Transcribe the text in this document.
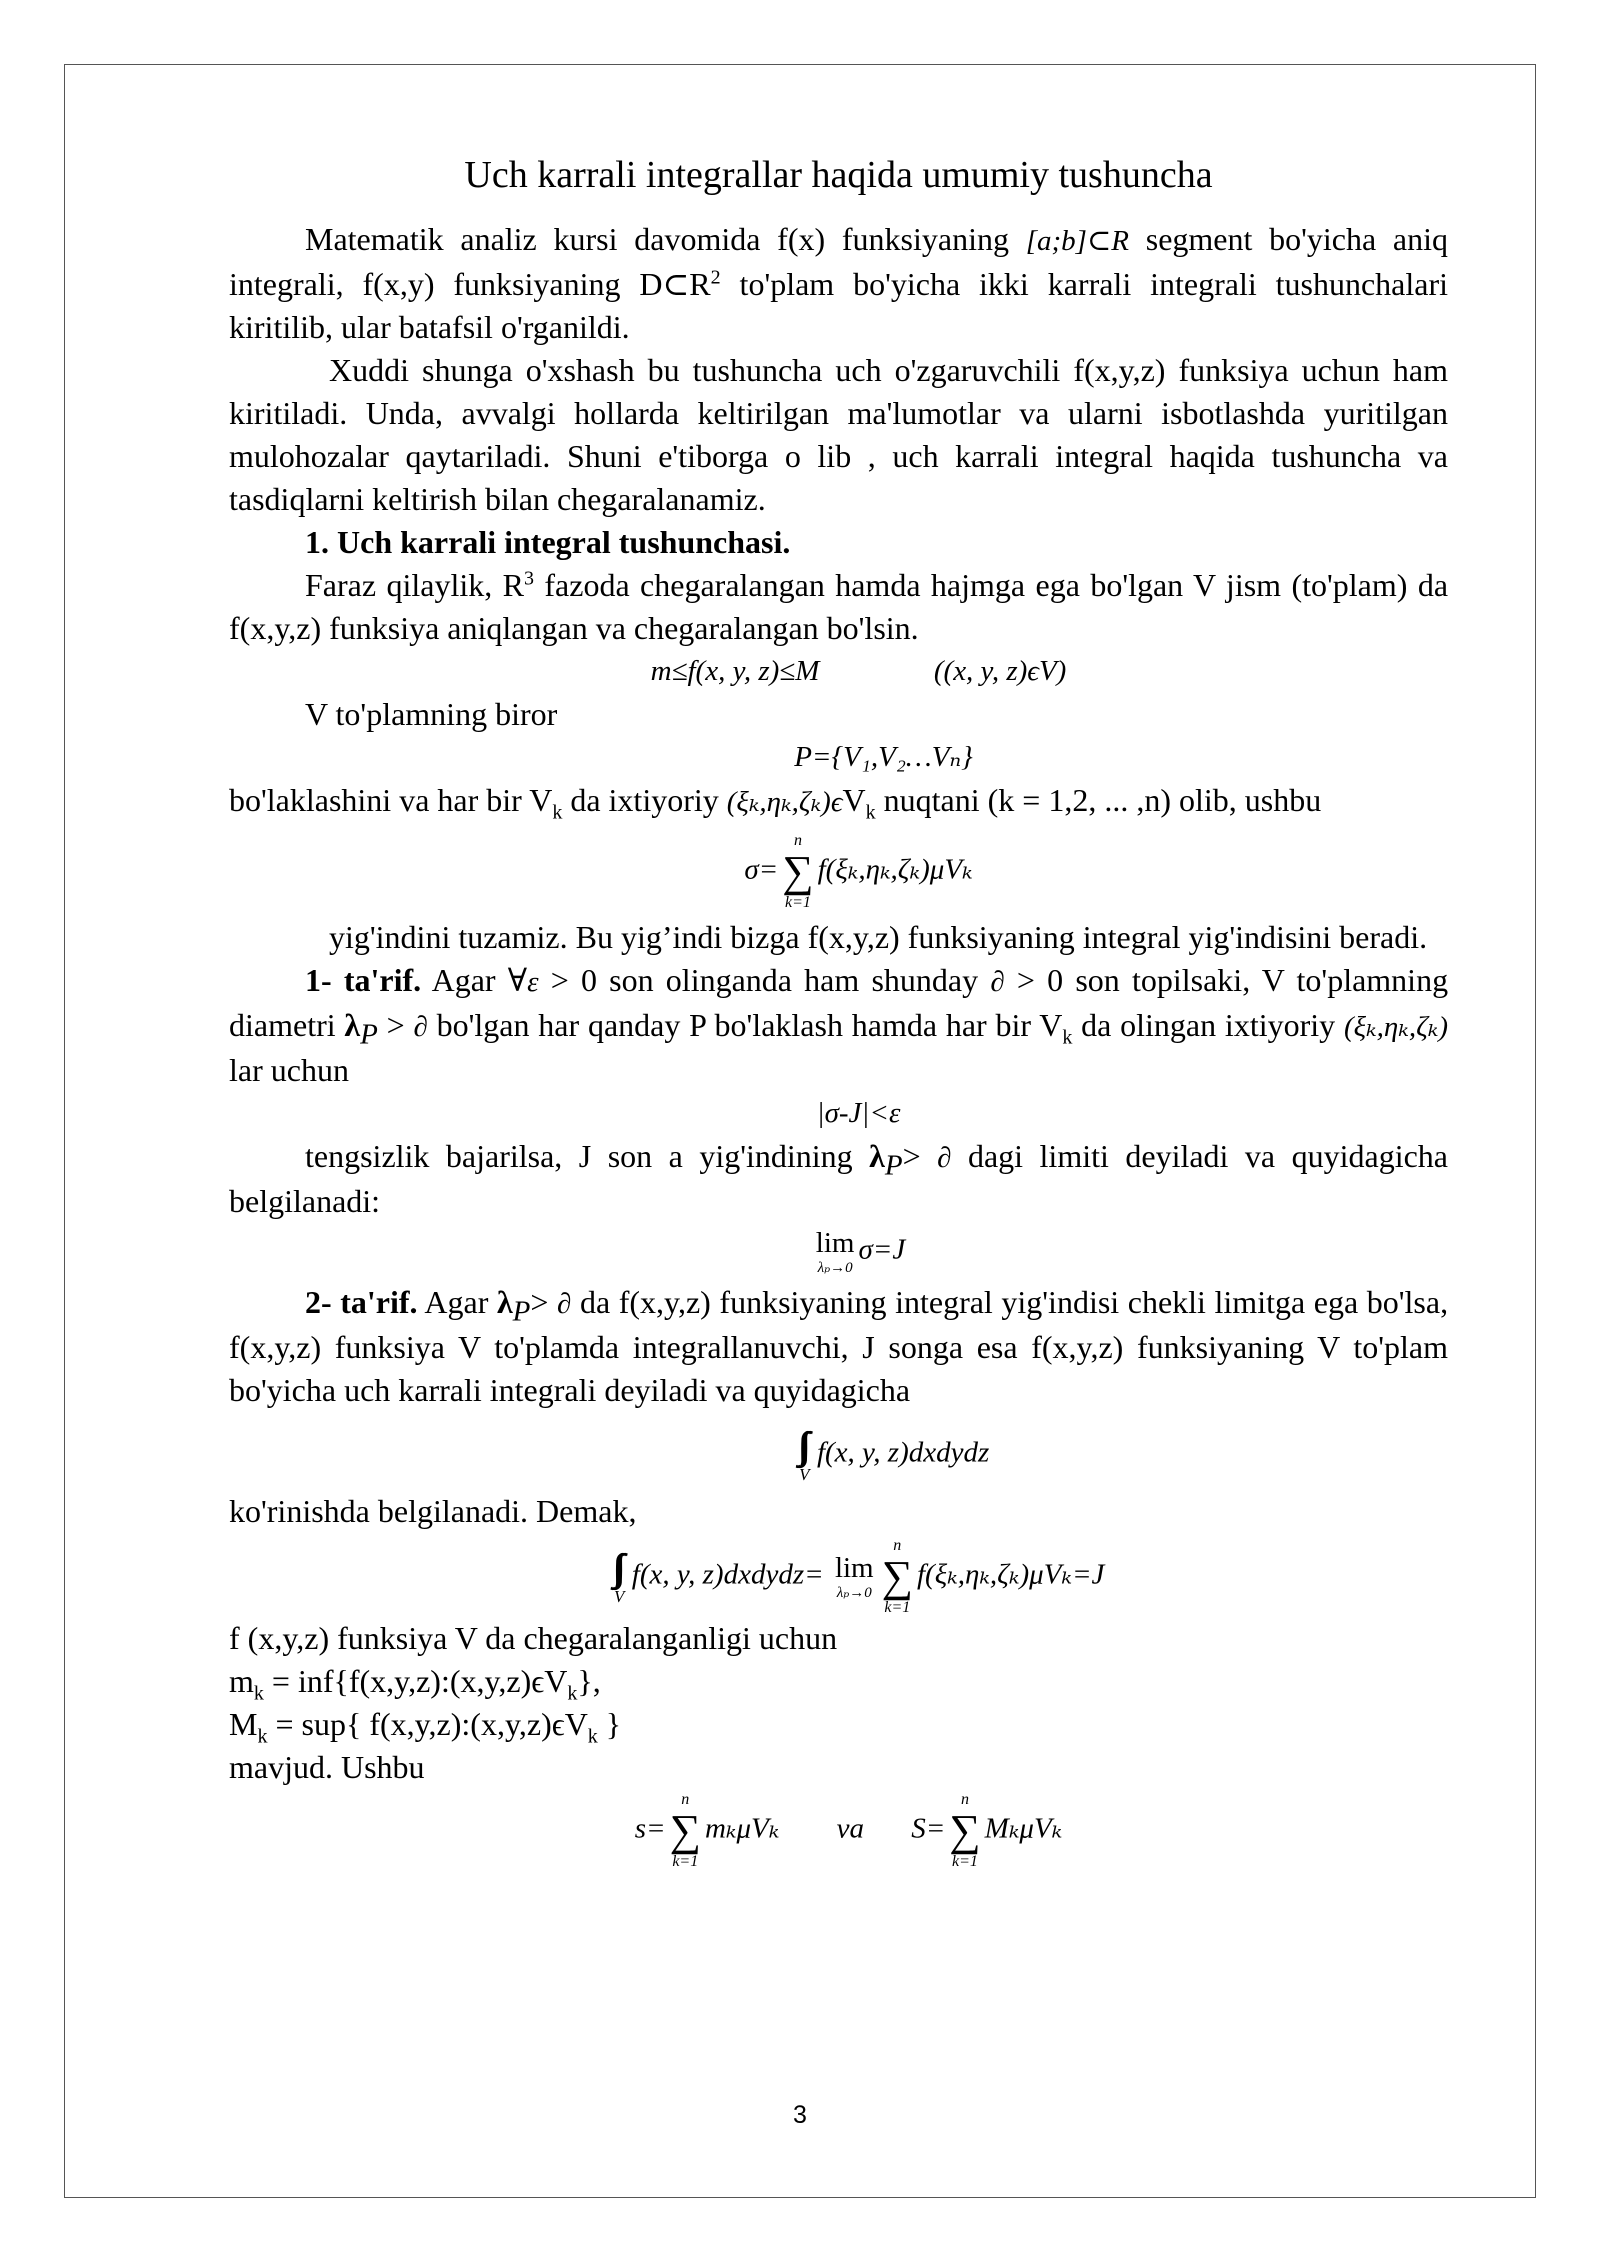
Uch karrali integrallar haqida umumiy tushuncha

Matematik analiz kursi davomida f(x) funksiyaning [a;b]⊂R segment bo'yicha aniq integrali, f(x,y) funksiyaning $D\subset R^2$ to'plam bo'yicha ikki karrali integrali tushunchalari kiritilib, ular batafsil o'rganildi.

Xuddi shunga o'xshash bu tushuncha uch o'zgaruvchili f(x,y,z) funksiya uchun ham kiritiladi. Unda, avvalgi hollarda keltirilgan ma'lumotlar va ularni isbotlashda yuritilgan mulohozalar qaytariladi. Shuni e'tiborga o lib , uch karrali integral haqida tushuncha va tasdiqlarni keltirish bilan chegaralanamiz.

1. Uch karrali integral tushunchasi.

Faraz qilaylik, $R^3$ fazoda chegaralangan hamda hajmga ega bo'lgan V jism (to'plam) da f(x,y,z) funksiya aniqlangan va chegaralangan bo'lsin.

m≤f(x, y, z)≤M	((x, y, z)ϵV)

V to'plamning biror

P={V₁,V₂…Vₙ}

bo'laklashini va har bir $V_k$ da ixtiyoriy $(\xi_k,\eta_k,\zeta_k)\epsilon V_k$ nuqtani (k = 1,2, ... ,n) olib, ushbu

σ=
n
∑
k=1
f(ξₖ,ηₖ,ζₖ)μVₖ

yig'indini tuzamiz. Bu yig’indi bizga f(x,y,z) funksiyaning integral yig'indisini beradi.

1- ta'rif. Agar ∀ε > 0 son olinganda ham shunday ∂ > 0 son topilsaki, V to'plamning diametri $\lambda_P$ > ∂ bo'lgan har qanday P bo'laklash hamda har bir $V_k$ da olingan ixtiyoriy (ξₖ,ηₖ,ζₖ) lar uchun

|σ-J|<ε

tengsizlik bajarilsa, J son a yig'indining $\lambda_P>$ ∂ dagi limiti deyiladi va quyidagicha belgilanadi:

lim
λₚ→0
σ=J

2- ta'rif. Agar $\lambda_P>$ ∂ da f(x,y,z) funksiyaning integral yig'indisi chekli limitga ega bo'lsa, f(x,y,z) funksiya V to'plamda integrallanuvchi, J songa esa f(x,y,z) funksiyaning V to'plam bo'yicha uch karrali integrali deyiladi va quyidagicha

∫∫∫
V
f(x, y, z)dxdydz

ko'rinishda belgilanadi. Demak,

∫∫∫
V
f(x, y, z)dxdydz= lim
λₚ→0
n
∑
k=1
f(ξₖ,ηₖ,ζₖ)μVₖ=J

f (x,y,z) funksiya V da chegaralanganligi uchun

$m_k$ = $inf\{f(x,y,z):(x,y,z)\epsilon V_k\}$,

$M_k = sup${ $f(x,y,z):(x,y,z)\epsilon V_k$ }

mavjud. Ushbu

s=
n
∑
k=1
mₖμVₖ va S=
n
∑
k=1
MₖμVₖ
3
